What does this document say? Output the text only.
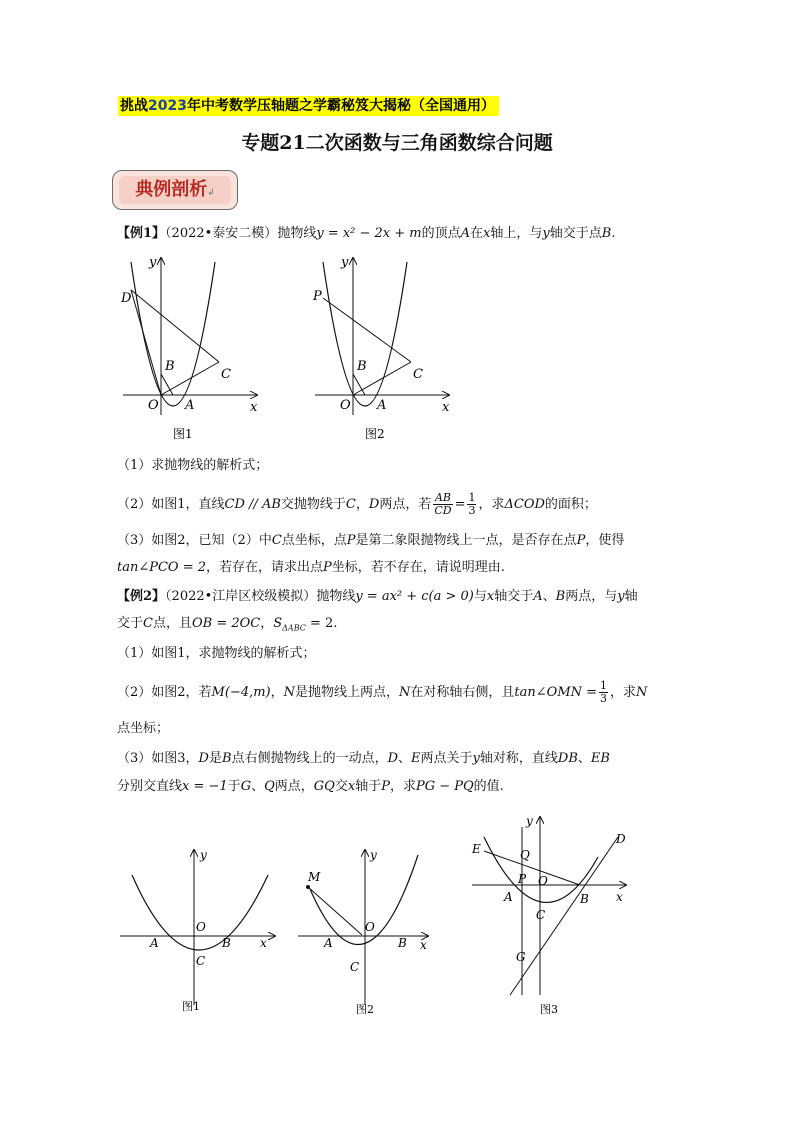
挑战2023年中考数学压轴题之学霸秘笈大揭秘（全国通用）
专题21二次函数与三角函数综合问题
典例剖析↲
【例1】（2022•泰安二模）抛物线y = x² − 2x + m的顶点A在x轴上，与y轴交于点B.
D
B
C
O A	x
y
图1
P
B
C
O A	x
y
图2
（1）求抛物线的解析式；
（2）如图1，直线CD // AB交抛物线于C，D两点，若 $\frac{AB}{CD} = \frac{1}{3}$ ，求ΔCOD的面积；
（3）如图2，已知（2）中C点坐标，点P是第二象限抛物线上一点，是否存在点P，使得
tan∠PCO = 2，若存在，请求出点P坐标，若不存在，请说明理由.
【例2】（2022•江岸区校级模拟）抛物线y = ax² + c(a > 0)与x轴交于A、B两点，与y轴
交于C点，且OB = 2OC，$S_{\Delta ABC} = 2$.
（1）如图1，求抛物线的解析式；
（2）如图2，若M(−4,m)，N是抛物线上两点，N在对称轴右侧，且tan∠OMN = $\frac{1}{3}$ ，求N
点坐标；
（3）如图3，D是B点右侧抛物线上的一动点，D、E两点关于y轴对称，直线DB、EB
分别交直线x = −1于G、Q两点，GQ交x轴于P，求PG − PQ的值.
y
O
A	B
C
x
图1
M
y
O
A	B
C
x
图2
y
E	Q
P O
A	B
C
D
G
x
图3
